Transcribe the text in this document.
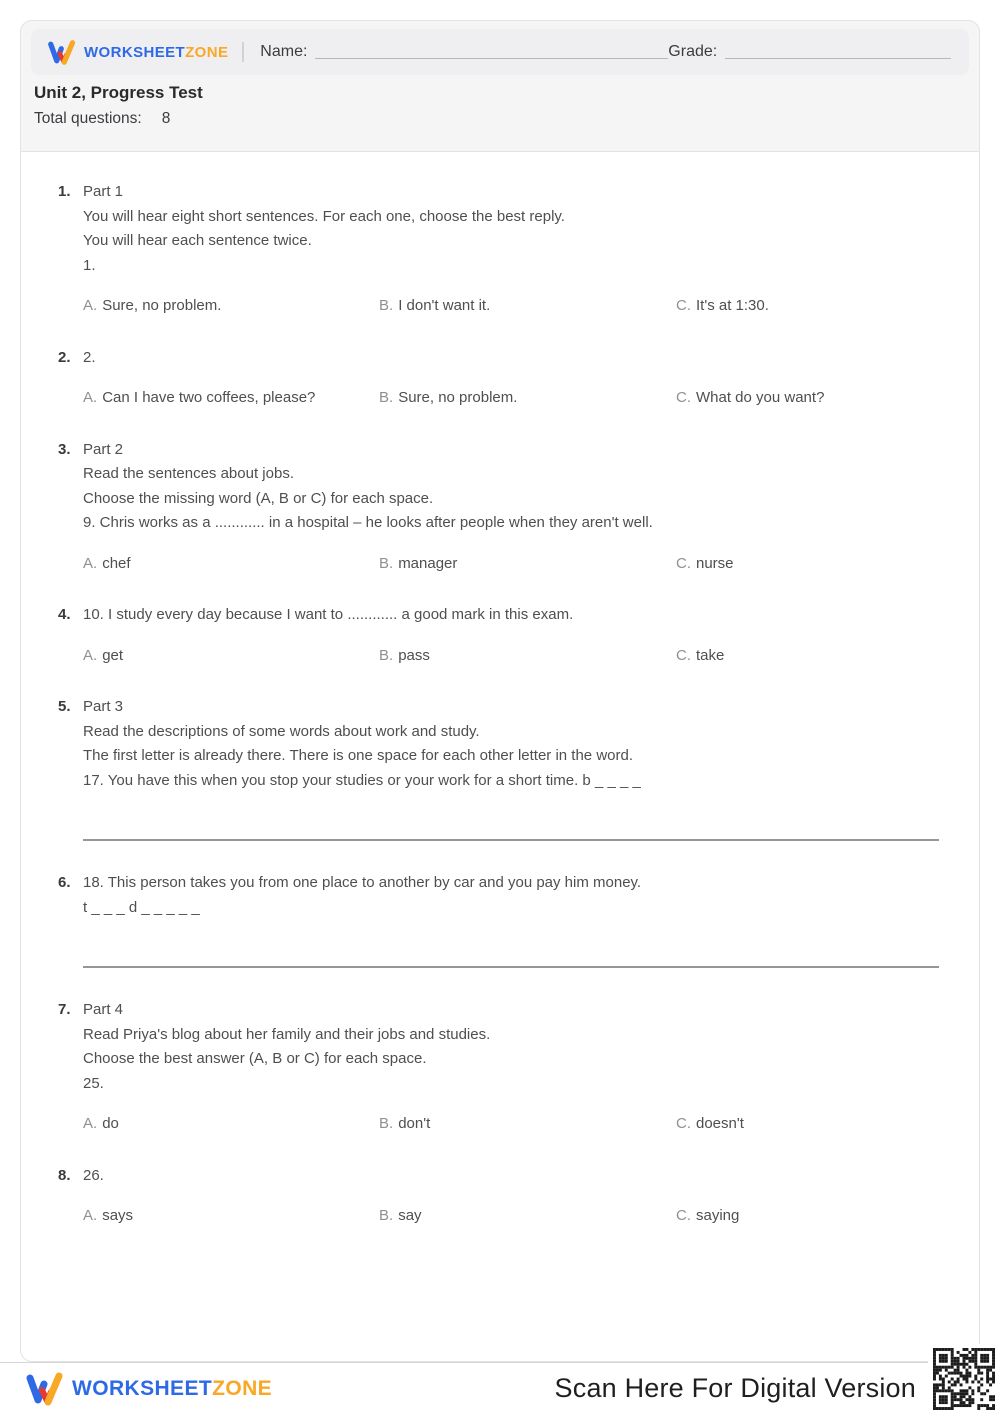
WORKSHEETZONE Name:	Grade:
Unit 2, Progress Test
Total questions: 8
1. Part 1
You will hear eight short sentences. For each one, choose the best reply.
You will hear each sentence twice.
1.
A. Sure, no problem.	B. I don't want it.	C. It's at 1:30.
2. 2.
A. Can I have two coffees, please?	B. Sure, no problem.	C. What do you want?
3. Part 2
Read the sentences about jobs.
Choose the missing word (A, B or C) for each space.
9. Chris works as a ............ in a hospital – he looks after people when they aren't well.
A. chef	B. manager	C. nurse
4. 10. I study every day because I want to ............ a good mark in this exam.
A. get	B. pass	C. take
5. Part 3
Read the descriptions of some words about work and study.
The first letter is already there. There is one space for each other letter in the word.
17. You have this when you stop your studies or your work for a short time. b _ _ _ _
6. 18. This person takes you from one place to another by car and you pay him money.
t _ _ _ d _ _ _ _ _
7. Part 4
Read Priya's blog about her family and their jobs and studies.
Choose the best answer (A, B or C) for each space.
25.
A. do	B. don't	C. doesn't
8. 26.
A. says	B. say	C. saying
WORKSHEETZONE	Scan Here For Digital Version
